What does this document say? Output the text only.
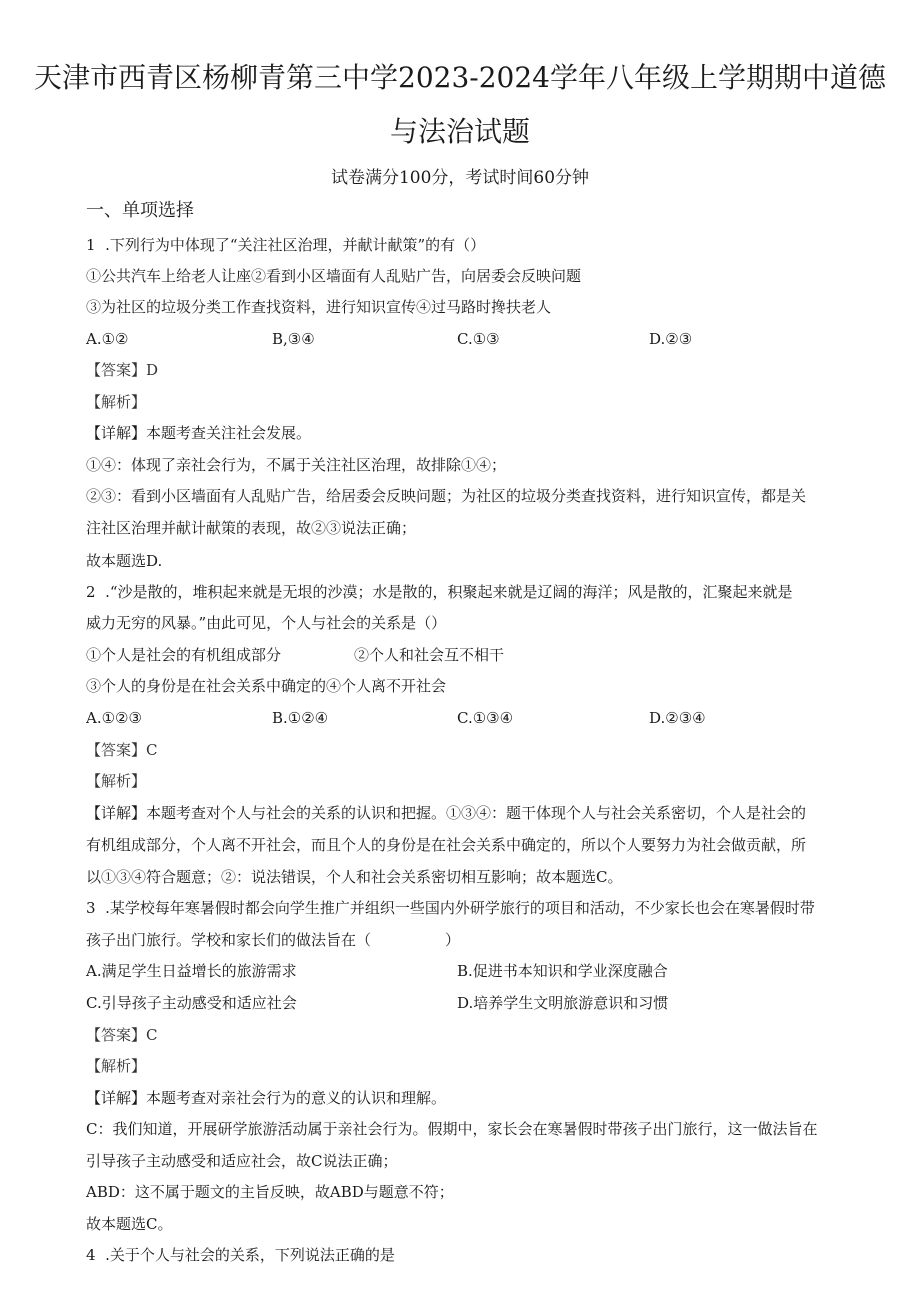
天津市西青区杨柳青第三中学2023-2024学年八年级上学期期中道德
与法治试题
试卷满分100分，考试时间60分钟
一、单项选择
1  .下列行为中体现了“关注社区治理，并献计献策”的有（）
①公共汽车上给老人让座②看到小区墙面有人乱贴广告，向居委会反映问题
③为社区的垃圾分类工作查找资料，进行知识宣传④过马路时搀扶老人
A.①②	B,③④	C.①③	D.②③
【答案】D
【解析】
【详解】本题考查关注社会发展。
①④：体现了亲社会行为，不属于关注社区治理，故排除①④；
②③：看到小区墙面有人乱贴广告，给居委会反映问题；为社区的垃圾分类查找资料，进行知识宣传，都是关
注社区治理并献计献策的表现，故②③说法正确；
故本题选D.
2  .“沙是散的，堆积起来就是无垠的沙漠；水是散的，积聚起来就是辽阔的海洋；风是散的，汇聚起来就是
威力无穷的风暴。”由此可见，个人与社会的关系是（）
①个人是社会的有机组成部分	②个人和社会互不相干
③个人的身份是在社会关系中确定的④个人离不开社会
A.①②③	B.①②④	C.①③④	D.②③④
【答案】C
【解析】
【详解】本题考查对个人与社会的关系的认识和把握。①③④：题干体现个人与社会关系密切，个人是社会的
有机组成部分，个人离不开社会，而且个人的身份是在社会关系中确定的，所以个人要努力为社会做贡献，所
以①③④符合题意；②：说法错误，个人和社会关系密切相互影响；故本题选C。
3  .某学校每年寒暑假时都会向学生推广并组织一些国内外研学旅行的项目和活动，不少家长也会在寒暑假时带
孩子出门旅行。学校和家长们的做法旨在（	）
A.满足学生日益增长的旅游需求	B.促进书本知识和学业深度融合
C.引导孩子主动感受和适应社会	D.培养学生文明旅游意识和习惯
【答案】C
【解析】
【详解】本题考查对亲社会行为的意义的认识和理解。
C：我们知道，开展研学旅游活动属于亲社会行为。假期中，家长会在寒暑假时带孩子出门旅行，这一做法旨在
引导孩子主动感受和适应社会，故C说法正确；
ABD：这不属于题文的主旨反映，故ABD与题意不符；
故本题选C。
4  .关于个人与社会的关系，下列说法正确的是
